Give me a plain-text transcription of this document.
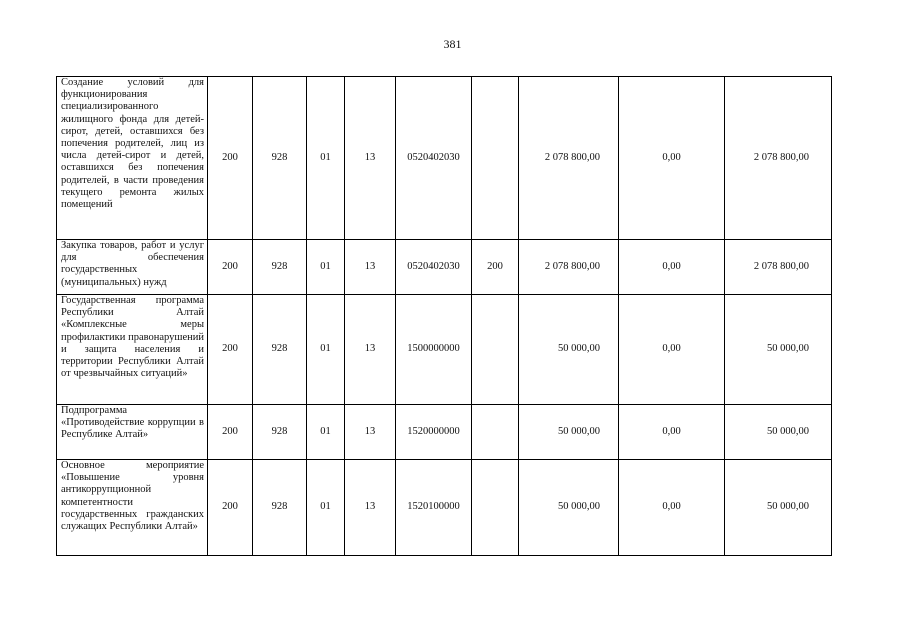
381
Создание условий для функционирования специализированного жилищного фонда для детей-сирот, детей, оставшихся без попечения родителей, лиц из числа детей-сирот и детей, оставшихся без попечения родителей, в части проведения текущего ремонта жилых помещений	200	928	01	13	0520402030		2 078 800,00	0,00	2 078 800,00
Закупка товаров, работ и услуг для обеспечения государственных (муниципальных) нужд	200	928	01	13	0520402030	200	2 078 800,00	0,00	2 078 800,00
Государственная программа Республики Алтай «Комплексные меры профилактики правонарушений и защита населения и территории Республики Алтай от чрезвычайных ситуаций»	200	928	01	13	1500000000		50 000,00	0,00	50 000,00
Подпрограмма «Противодействие коррупции в Республике Алтай»	200	928	01	13	1520000000		50 000,00	0,00	50 000,00
Основное мероприятие «Повышение уровня антикоррупционной компетентности государственных гражданских служащих Республики Алтай»	200	928	01	13	1520100000		50 000,00	0,00	50 000,00
